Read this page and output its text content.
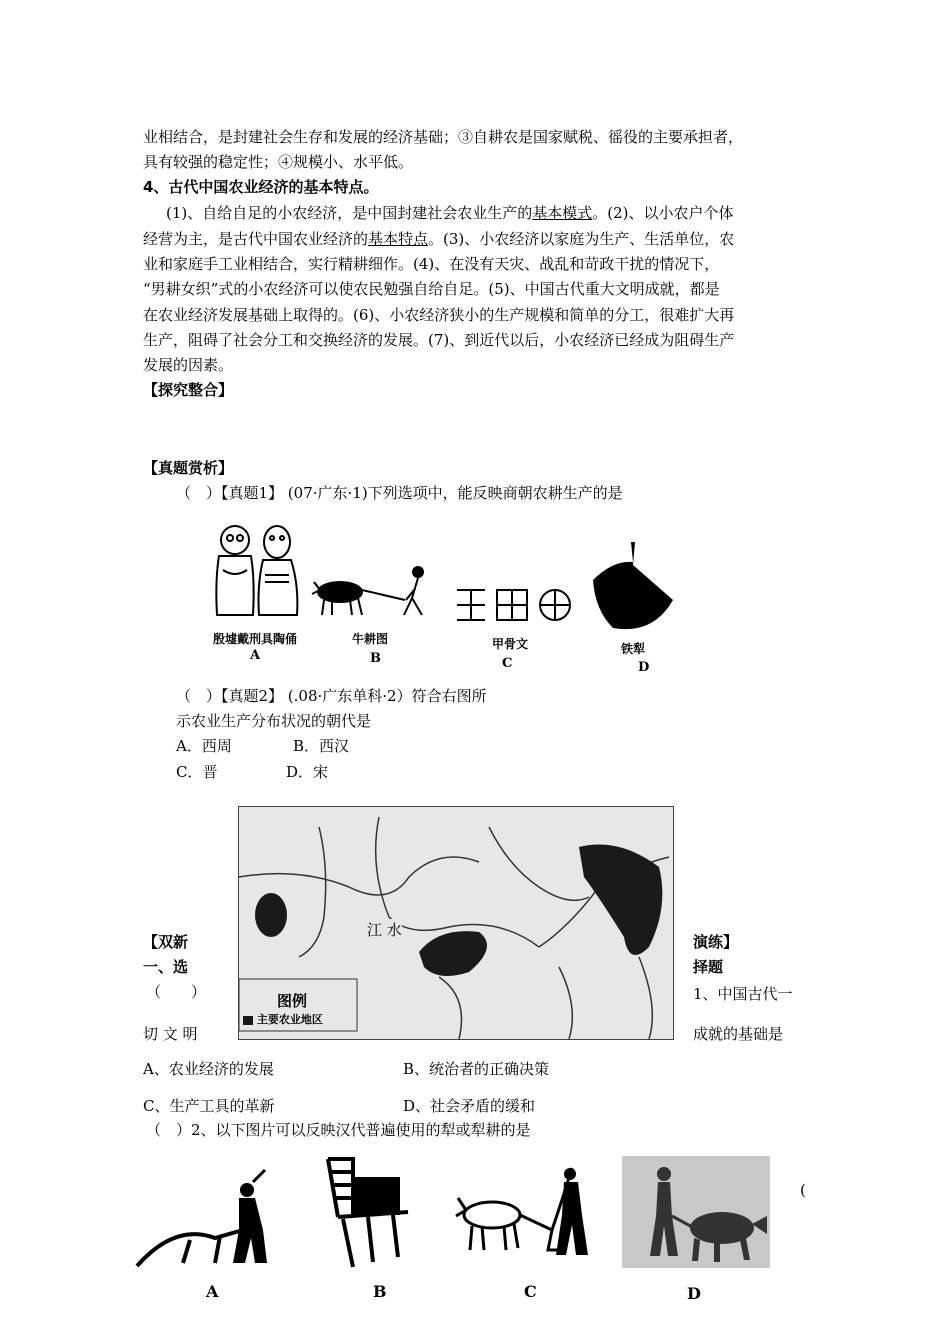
业相结合，是封建社会生存和发展的经济基础；③自耕农是国家赋税、徭役的主要承担者，
具有较强的稳定性；④规模小、水平低。
4、古代中国农业经济的基本特点。
(1)、自给自足的小农经济，是中国封建社会农业生产的基本模式。(2)、以小农户个体
经营为主，是古代中国农业经济的基本特点。(3)、小农经济以家庭为生产、生活单位，农
业和家庭手工业相结合，实行精耕细作。(4)、在没有天灾、战乱和苛政干扰的情况下，
“男耕女织”式的小农经济可以使农民勉强自给自足。(5)、中国古代重大文明成就，都是
在农业经济发展基础上取得的。(6)、小农经济狭小的生产规模和简单的分工，很难扩大再
生产，阻碍了社会分工和交换经济的发展。(7)、到近代以后，小农经济已经成为阻碍生产
发展的因素。
【探究整合】
【真题赏析】
（　）【真题1】 (07·广东·1)下列选项中，能反映商朝农耕生产的是
殷墟戴刑具陶俑
A
牛耕图
B
甲骨文
C
铁犁
D
（　）【真题2】 (.08·广东单科·2）符合右图所
示农业生产分布状况的朝代是
A．西周	B．西汉
C．晋	D．宋
江 水
图例
主要农业地区
【双新	演练】
一、选	择题
（　　）	1、中国古代一
切 文 明	成就的基础是
A、农业经济的发展	B、统治者的正确决策
C、生产工具的革新	D、社会矛盾的缓和
（　）2、以下图片可以反映汉代普遍使用的犁或犁耕的是
A	B	C	D
(
